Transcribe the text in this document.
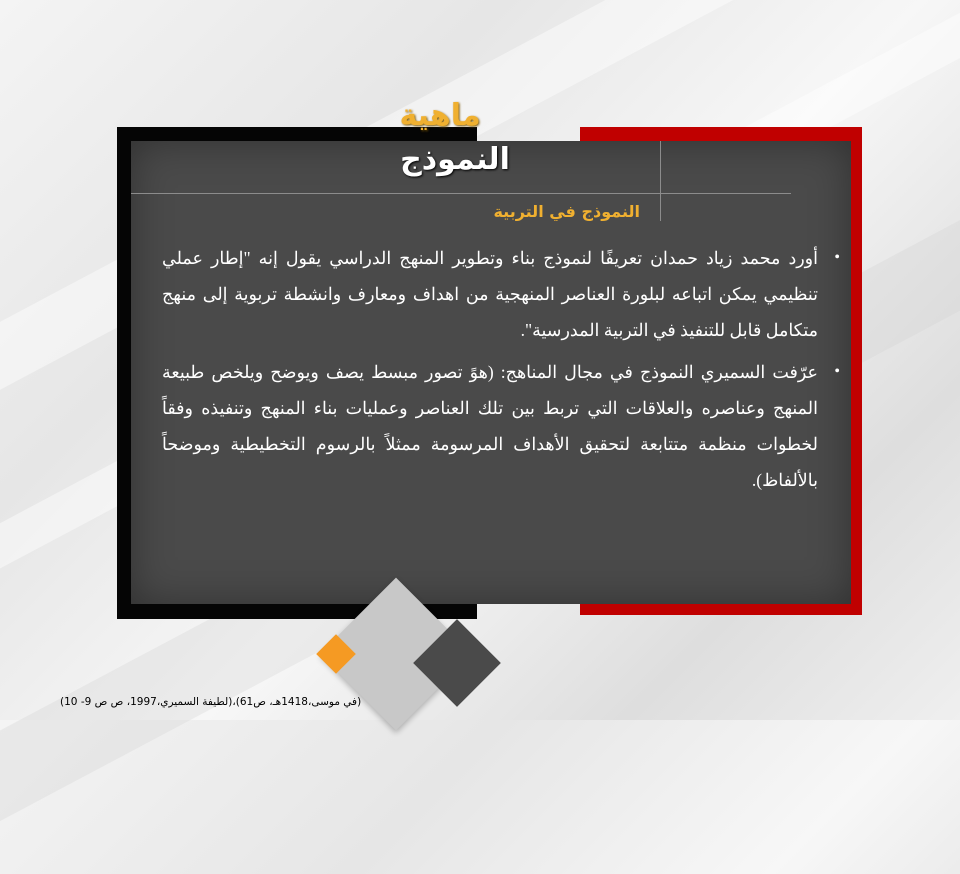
ماهية
النموذج
النموذج في التربية
•
أورد محمد زياد حمدان تعريفًا لنموذج بناء وتطوير المنهج الدراسي يقول إنه "إطار عملي تنظيمي يمكن اتباعه لبلورة العناصر المنهجية من اهداف ومعارف وانشطة تربوية إلى منهج متكامل قابل للتنفيذ في التربية المدرسية".
•
عرّفت السميري النموذج في مجال المناهج: (هوً تصور مبسط يصف ويوضح ويلخص طبيعة المنهج وعناصره والعلاقات التي تربط بين تلك العناصر وعمليات بناء المنهج وتنفيذه وفقاً لخطوات منظمة متتابعة لتحقيق الأهداف المرسومة ممثلاً بالرسوم التخطيطية وموضحاً بالألفاظ).
(في موسى،1418هـ، ص61)،(لطيفة السميري،1997، ص ص 9- 10)
